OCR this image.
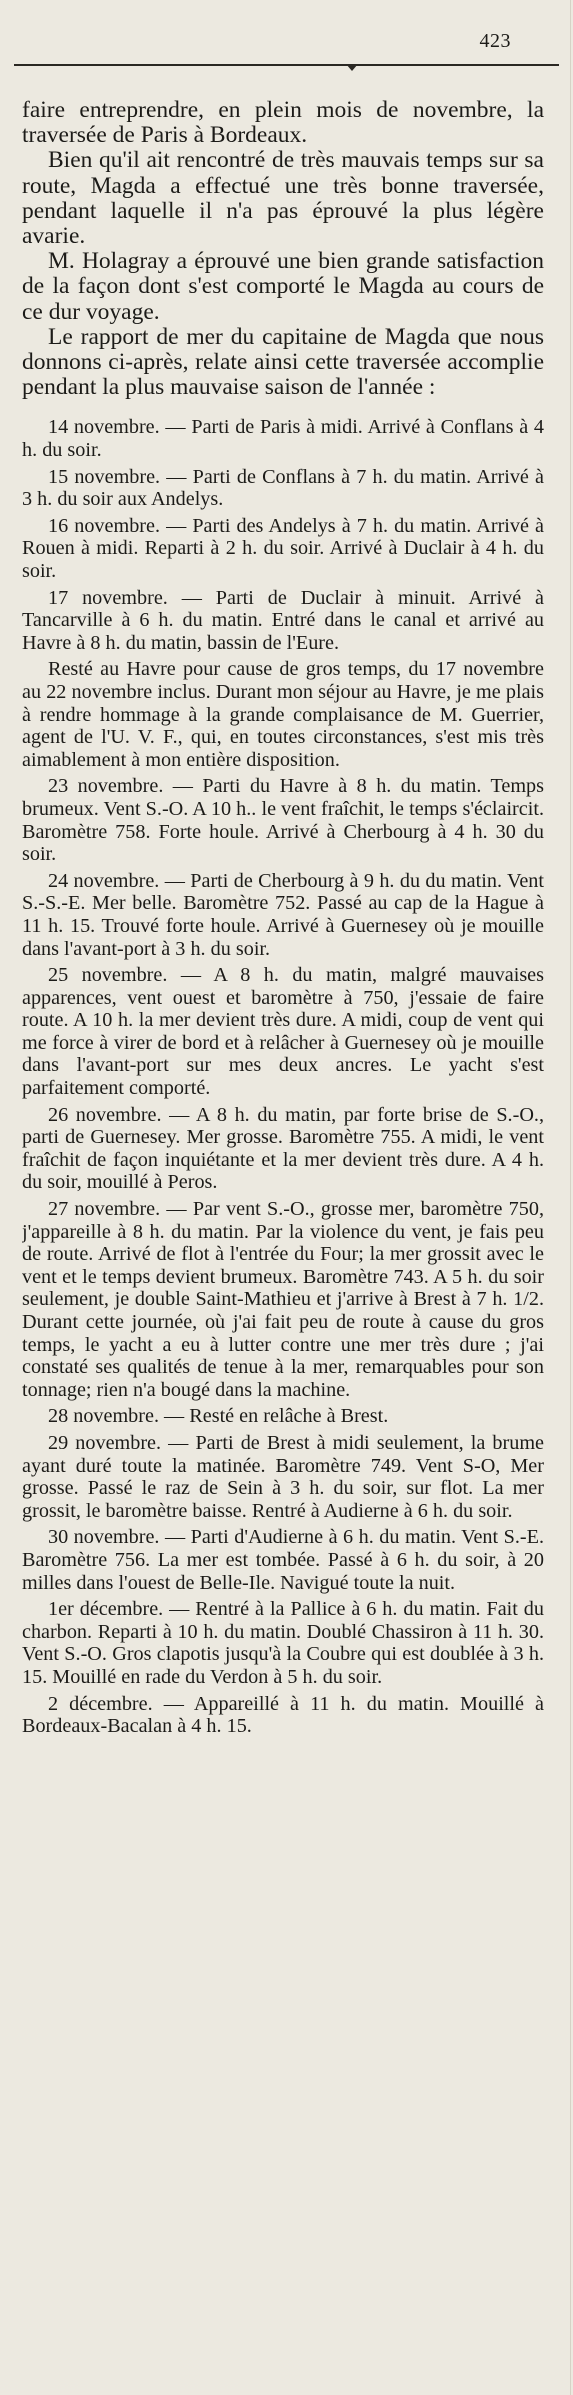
423

faire entreprendre, en plein mois de novembre, la traversée de Paris à Bordeaux.

Bien qu'il ait rencontré de très mauvais temps sur sa route, Magda a effectué une très bonne traversée, pendant laquelle il n'a pas éprouvé la plus légère avarie.

M. Holagray a éprouvé une bien grande satisfaction de la façon dont s'est comporté le Magda au cours de ce dur voyage.

Le rapport de mer du capitaine de Magda que nous donnons ci-après, relate ainsi cette traversée accomplie pendant la plus mauvaise saison de l'année :

14 novembre. — Parti de Paris à midi. Arrivé à Conflans à 4 h. du soir.

15 novembre. — Parti de Conflans à 7 h. du matin. Arrivé à 3 h. du soir aux Andelys.

16 novembre. — Parti des Andelys à 7 h. du matin. Arrivé à Rouen à midi. Reparti à 2 h. du soir. Arrivé à Duclair à 4 h. du soir.

17 novembre. — Parti de Duclair à minuit. Arrivé à Tancarville à 6 h. du matin. Entré dans le canal et arrivé au Havre à 8 h. du matin, bassin de l'Eure.

Resté au Havre pour cause de gros temps, du 17 novembre au 22 novembre inclus. Durant mon séjour au Havre, je me plais à rendre hommage à la grande complaisance de M. Guerrier, agent de l'U. V. F., qui, en toutes circonstances, s'est mis très aimablement à mon entière disposition.

23 novembre. — Parti du Havre à 8 h. du matin. Temps brumeux. Vent S.-O. A 10 h.. le vent fraîchit, le temps s'éclaircit. Baromètre 758. Forte houle. Arrivé à Cherbourg à 4 h. 30 du soir.

24 novembre. — Parti de Cherbourg à 9 h. du du matin. Vent S.-S.-E. Mer belle. Baromètre 752. Passé au cap de la Hague à 11 h. 15. Trouvé forte houle. Arrivé à Guernesey où je mouille dans l'avant-port à 3 h. du soir.

25 novembre. — A 8 h. du matin, malgré mauvaises apparences, vent ouest et baromètre à 750, j'essaie de faire route. A 10 h. la mer devient très dure. A midi, coup de vent qui me force à virer de bord et à relâcher à Guernesey où je mouille dans l'avant-port sur mes deux ancres. Le yacht s'est parfaitement comporté.

26 novembre. — A 8 h. du matin, par forte brise de S.-O., parti de Guernesey. Mer grosse. Baromètre 755. A midi, le vent fraîchit de façon inquiétante et la mer devient très dure. A 4 h. du soir, mouillé à Peros.

27 novembre. — Par vent S.-O., grosse mer, baromètre 750, j'appareille à 8 h. du matin. Par la violence du vent, je fais peu de route. Arrivé de flot à l'entrée du Four; la mer grossit avec le vent et le temps devient brumeux. Baromètre 743. A 5 h. du soir seulement, je double Saint-Mathieu et j'arrive à Brest à 7 h. 1/2. Durant cette journée, où j'ai fait peu de route à cause du gros temps, le yacht a eu à lutter contre une mer très dure ; j'ai constaté ses qualités de tenue à la mer, remarquables pour son tonnage; rien n'a bougé dans la machine.

28 novembre. — Resté en relâche à Brest.

29 novembre. — Parti de Brest à midi seulement, la brume ayant duré toute la matinée. Baromètre 749. Vent S-O, Mer grosse. Passé le raz de Sein à 3 h. du soir, sur flot. La mer grossit, le baromètre baisse. Rentré à Audierne à 6 h. du soir.

30 novembre. — Parti d'Audierne à 6 h. du matin. Vent S.-E. Baromètre 756. La mer est tombée. Passé à 6 h. du soir, à 20 milles dans l'ouest de Belle-Ile. Navigué toute la nuit.

1er décembre. — Rentré à la Pallice à 6 h. du matin. Fait du charbon. Reparti à 10 h. du matin. Doublé Chassiron à 11 h. 30. Vent S.-O. Gros clapotis jusqu'à la Coubre qui est doublée à 3 h. 15. Mouillé en rade du Verdon à 5 h. du soir.

2 décembre. — Appareillé à 11 h. du matin. Mouillé à Bordeaux-Bacalan à 4 h. 15.
